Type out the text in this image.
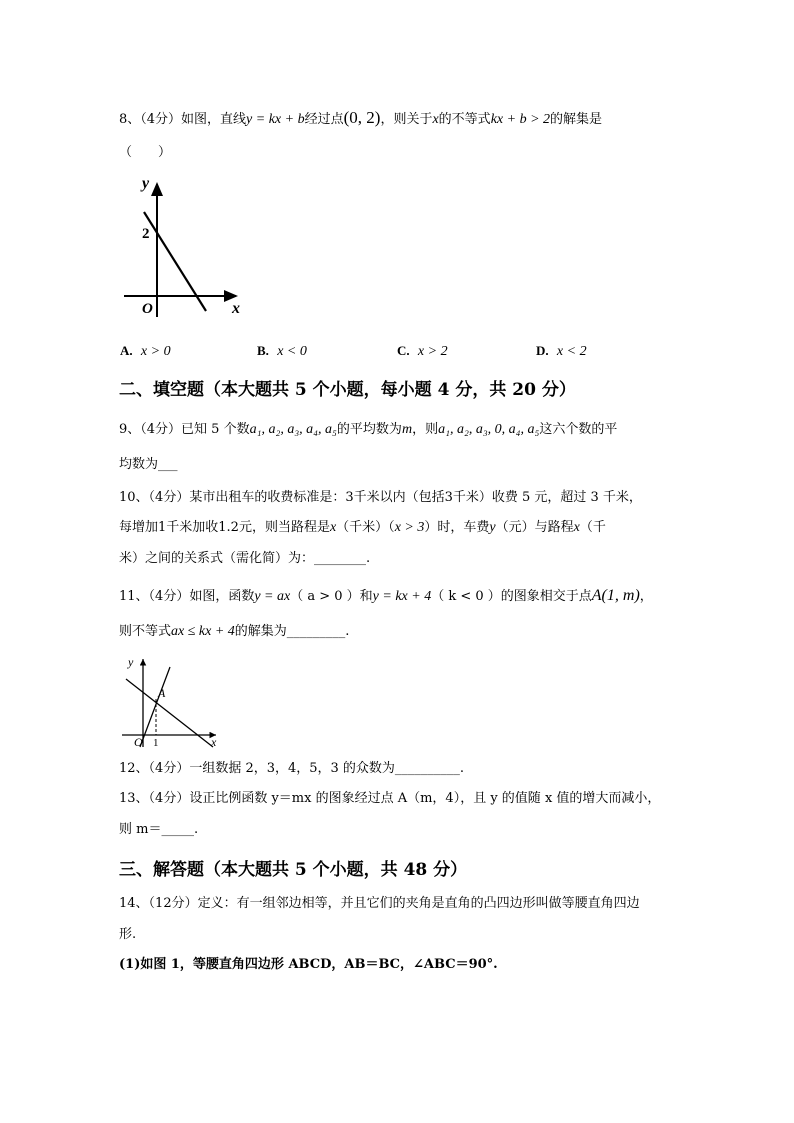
8、（4分）如图，直线y = kx + b经过点(0, 2)，则关于x的不等式kx + b > 2的解集是
（　　）
y
x
O
2
A. x > 0	B. x < 0	C. x > 2	D. x < 2
二、填空题（本大题共 5 个小题，每小题 4 分，共 20 分）
9、（4分）已知 5 个数a₁, a₂, a₃, a₄, a₅的平均数为m，则a₁, a₂, a₃, 0, a₄, a₅这六个数的平
均数为___
10、（4分）某市出租车的收费标准是：3千米以内（包括3千米）收费 5 元，超过 3 千米，
每增加1千米加收1.2元，则当路程是x（千米）（x > 3）时，车费y（元）与路程x（千
米）之间的关系式（需化简）为：________.
11、（4分）如图，函数y = ax（ a > 0 ）和y = kx + 4（ k < 0 ）的图象相交于点A(1, m)，
则不等式ax ≤ kx + 4的解集为_________.
y
x
O 1
A
12、（4分）一组数据 2，3，4，5，3 的众数为__________.
13、（4分）设正比例函数 y＝mx 的图象经过点 A（m，4），且 y 的值随 x 值的增大而减小，
则 m＝_____.
三、解答题（本大题共 5 个小题，共 48 分）
14、（12分）定义：有一组邻边相等，并且它们的夹角是直角的凸四边形叫做等腰直角四边
形.
(1)如图 1，等腰直角四边形 ABCD，AB＝BC，∠ABC＝90°.
